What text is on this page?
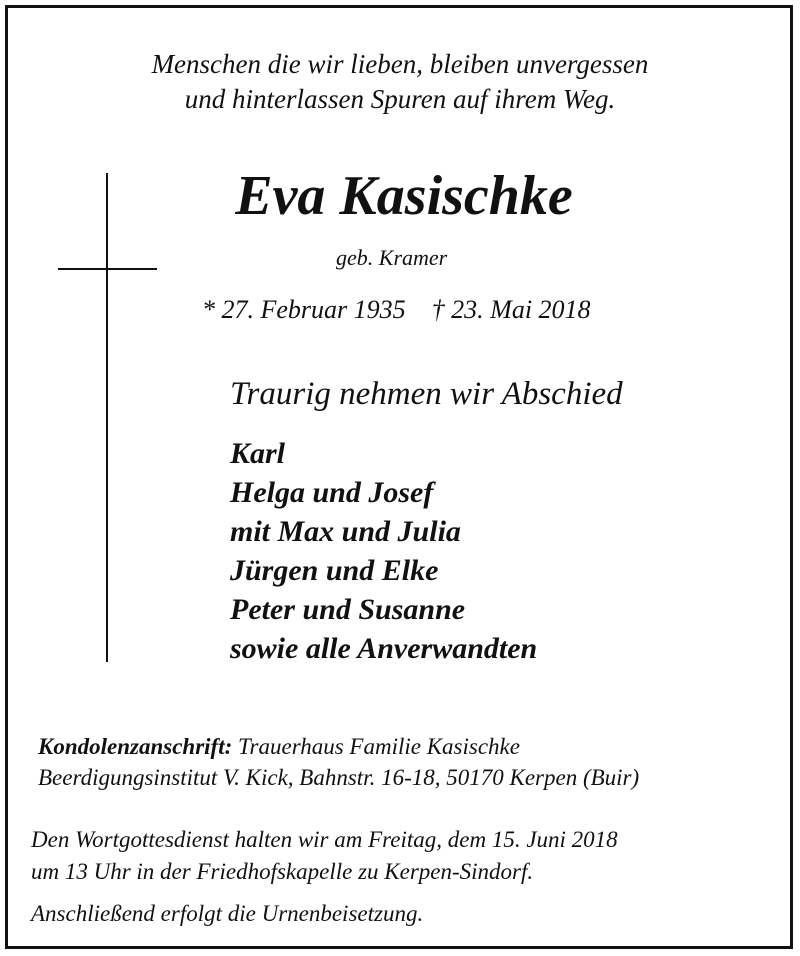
Menschen die wir lieben, bleiben unvergessen
und hinterlassen Spuren auf ihrem Weg.
Eva Kasischke
geb. Kramer
* 27. Februar 1935 † 23. Mai 2018
Traurig nehmen wir Abschied
Karl
Helga und Josef
mit Max und Julia
Jürgen und Elke
Peter und Susanne
sowie alle Anverwandten
Kondolenzanschrift: Trauerhaus Familie Kasischke
Beerdigungsinstitut V. Kick, Bahnstr. 16-18, 50170 Kerpen (Buir)
Den Wortgottesdienst halten wir am Freitag, dem 15. Juni 2018
um 13 Uhr in der Friedhofskapelle zu Kerpen-Sindorf.
Anschließend erfolgt die Urnenbeisetzung.
